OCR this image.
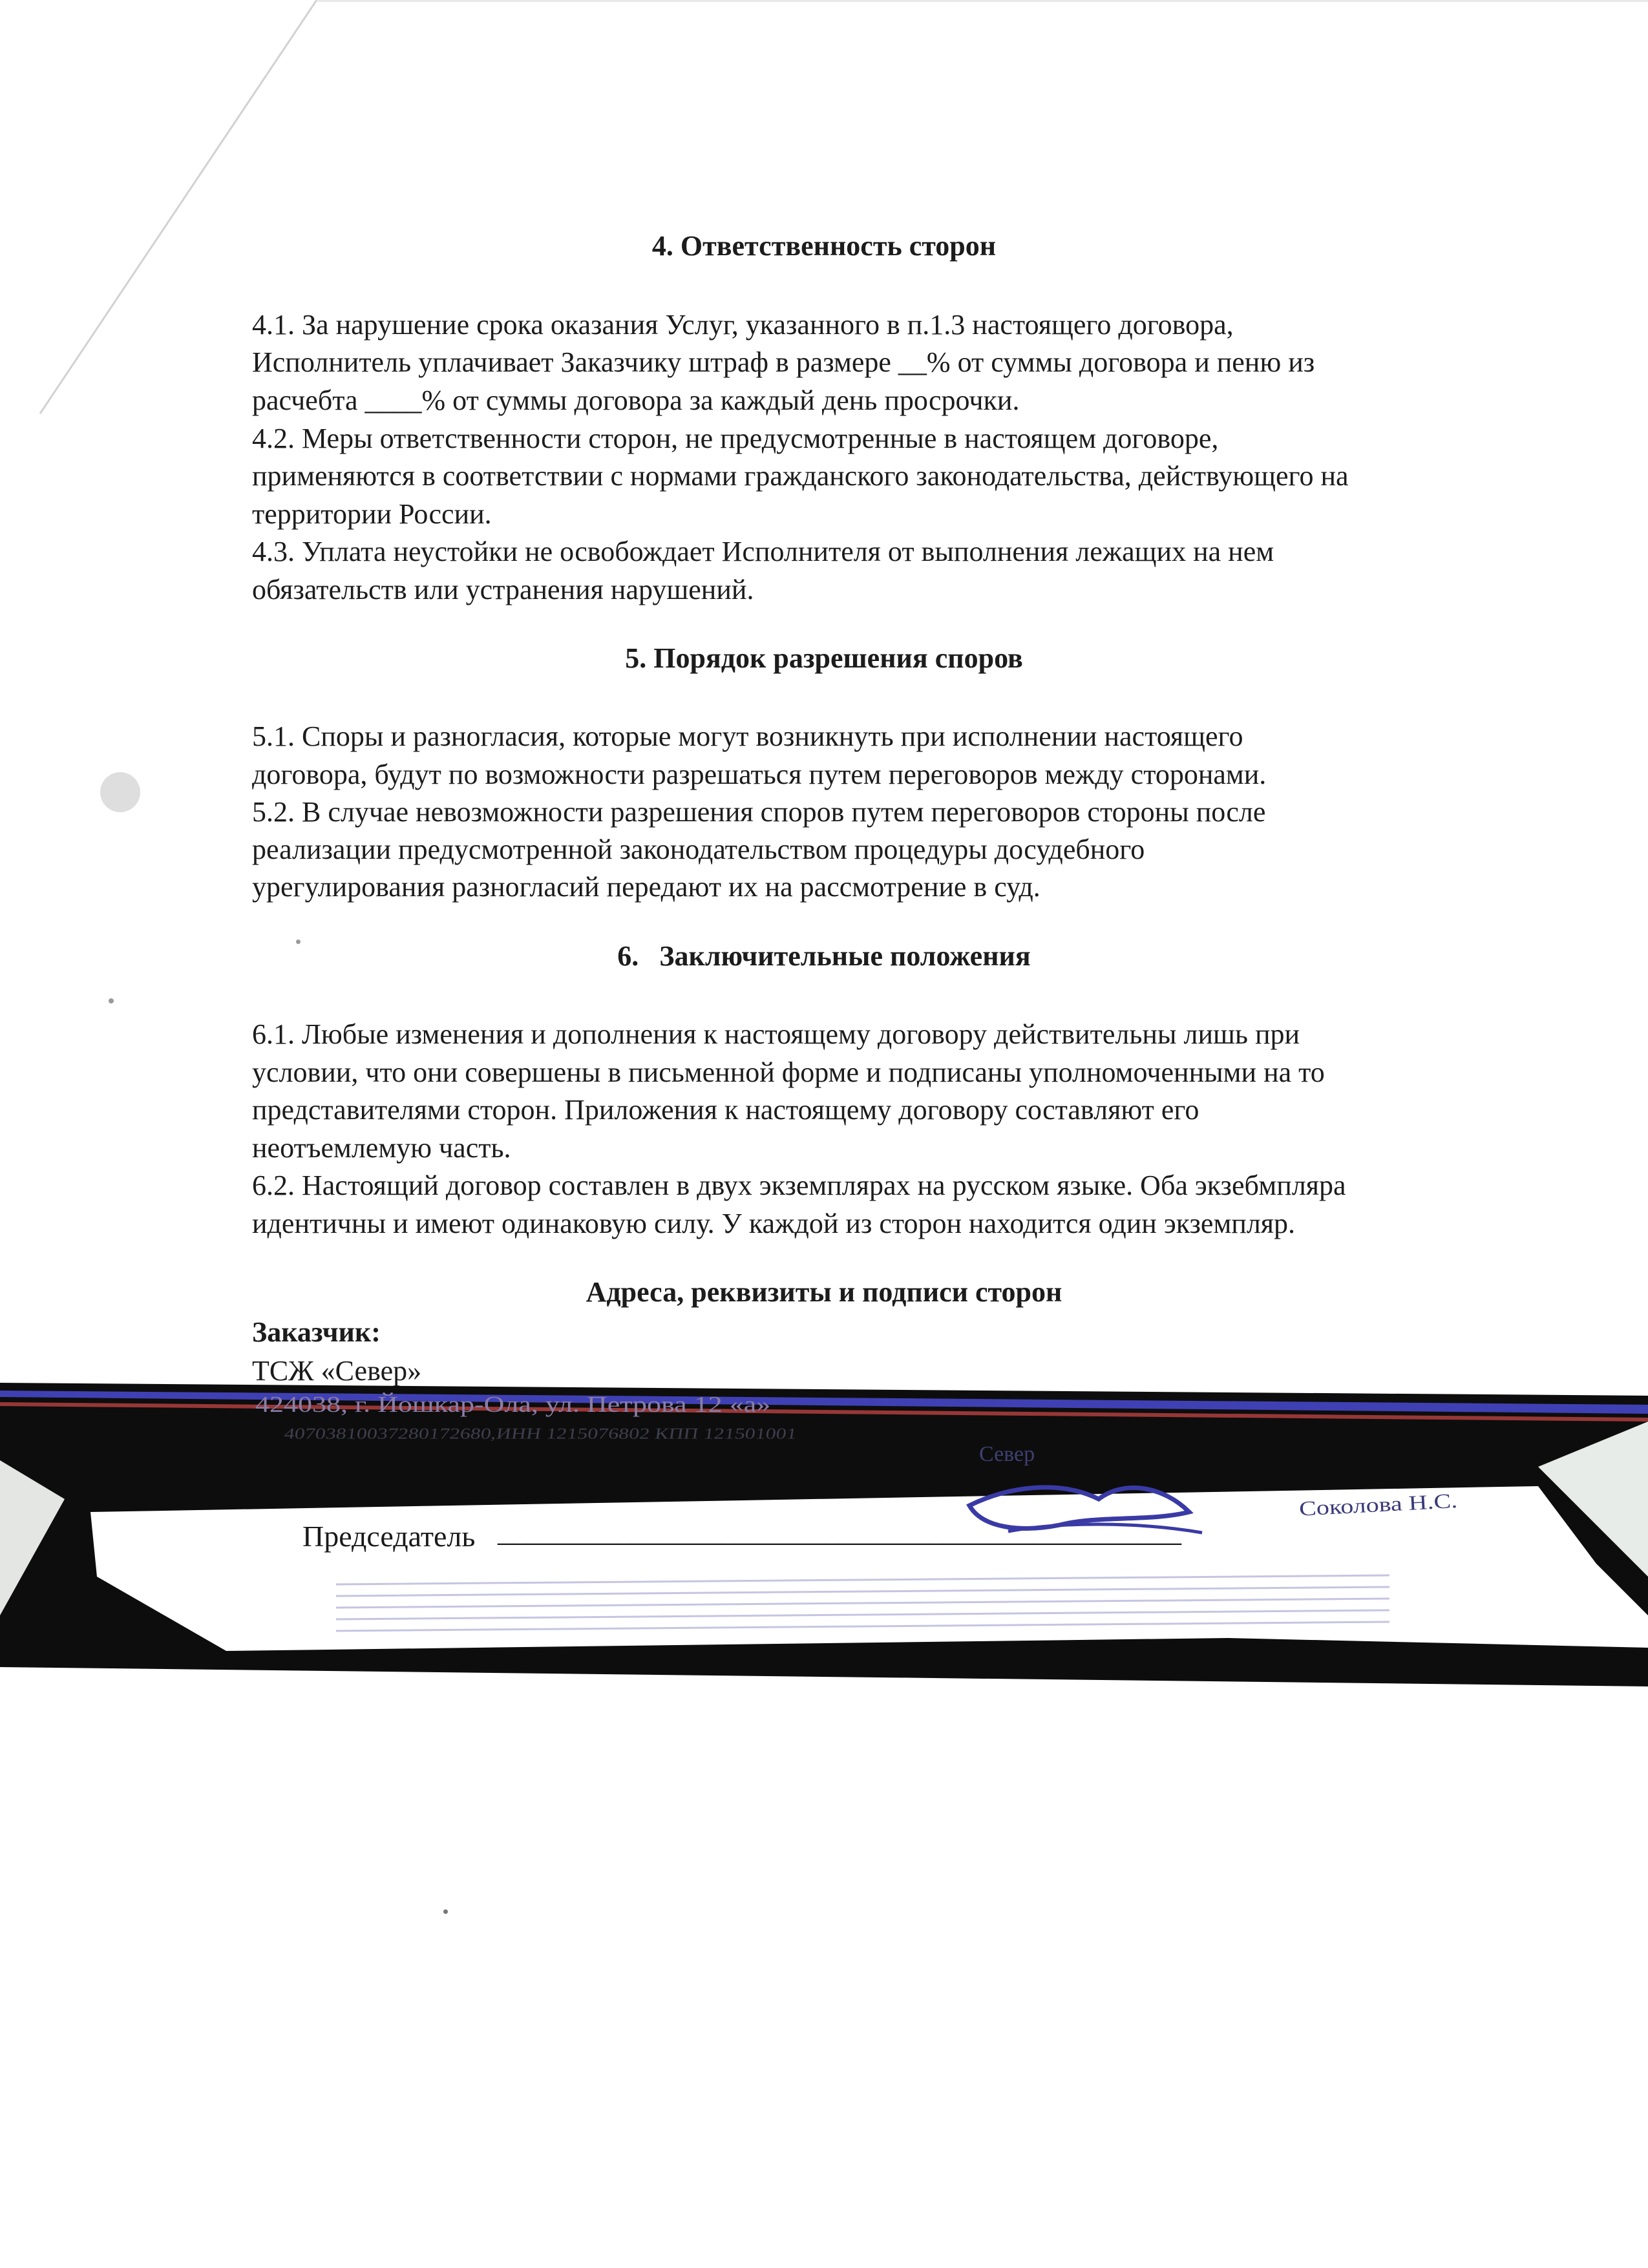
4. Ответственность сторон
4.1. За нарушение срока оказания Услуг, указанного в п.1.3 настоящего договора,
Исполнитель уплачивает Заказчику штраф в размере __% от суммы договора и пеню из
расчебта ____% от суммы договора за каждый день просрочки.
4.2. Меры ответственности сторон, не предусмотренные в настоящем договоре,
применяются в соответствии с нормами гражданского законодательства, действующего на
территории России.
4.3. Уплата неустойки не освобождает Исполнителя от выполнения лежащих на нем
обязательств или устранения нарушений.
5. Порядок разрешения споров
5.1. Споры и разногласия, которые могут возникнуть при исполнении настоящего
договора, будут по возможности разрешаться путем переговоров между сторонами.
5.2. В случае невозможности разрешения споров путем переговоров стороны после
реализации предусмотренной законодательством процедуры досудебного
урегулирования разногласий передают их на рассмотрение в суд.
6. Заключительные положения
6.1. Любые изменения и дополнения к настоящему договору действительны лишь при
условии, что они совершены в письменной форме и подписаны уполномоченными на то
представителями сторон. Приложения к настоящему договору составляют его
неотъемлемую часть.
6.2. Настоящий договор составлен в двух экземплярах на русском языке. Оба экзебмпляра
идентичны и имеют одинаковую силу. У каждой из сторон находится один экземпляр.
Адреса, реквизиты и подписи сторон
Заказчик:
ТСЖ «Север»
424038, г. Йошкар-Ола, ул. Петрова 12 «а»
40703810037280172680,ИНН 1215076802 КПП 121501001
Север
Председатель ______________________________________________
Соколова Н.С.
